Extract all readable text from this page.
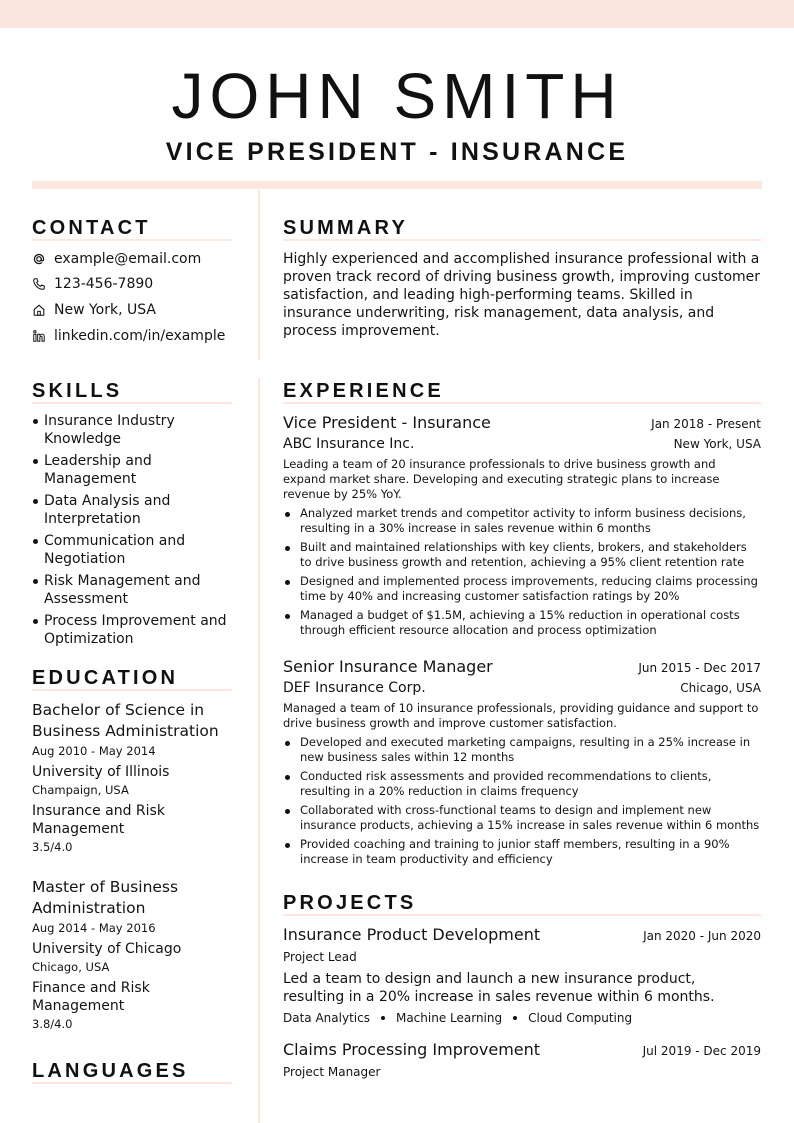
JOHN SMITH
VICE PRESIDENT - INSURANCE
CONTACT
example@email.com
123-456-7890
New York, USA
linkedin.com/in/example
SKILLS
Insurance Industry Knowledge
Leadership and Management
Data Analysis and Interpretation
Communication and Negotiation
Risk Management and Assessment
Process Improvement and Optimization
EDUCATION
Bachelor of Science in Business Administration
Aug 2010 - May 2014
University of Illinois
Champaign, USA
Insurance and Risk Management
3.5/4.0
Master of Business Administration
Aug 2014 - May 2016
University of Chicago
Chicago, USA
Finance and Risk Management
3.8/4.0
LANGUAGES
SUMMARY
Highly experienced and accomplished insurance professional with a proven track record of driving business growth, improving customer satisfaction, and leading high-performing teams. Skilled in insurance underwriting, risk management, data analysis, and process improvement.
EXPERIENCE
Vice President - Insurance	Jan 2018 - Present
ABC Insurance Inc.	New York, USA
Leading a team of 20 insurance professionals to drive business growth and expand market share. Developing and executing strategic plans to increase revenue by 25% YoY.
Analyzed market trends and competitor activity to inform business decisions, resulting in a 30% increase in sales revenue within 6 months
Built and maintained relationships with key clients, brokers, and stakeholders to drive business growth and retention, achieving a 95% client retention rate
Designed and implemented process improvements, reducing claims processing time by 40% and increasing customer satisfaction ratings by 20%
Managed a budget of $1.5M, achieving a 15% reduction in operational costs through efficient resource allocation and process optimization
Senior Insurance Manager	Jun 2015 - Dec 2017
DEF Insurance Corp.	Chicago, USA
Managed a team of 10 insurance professionals, providing guidance and support to drive business growth and improve customer satisfaction.
Developed and executed marketing campaigns, resulting in a 25% increase in new business sales within 12 months
Conducted risk assessments and provided recommendations to clients, resulting in a 20% reduction in claims frequency
Collaborated with cross-functional teams to design and implement new insurance products, achieving a 15% increase in sales revenue within 6 months
Provided coaching and training to junior staff members, resulting in a 90% increase in team productivity and efficiency
PROJECTS
Insurance Product Development	Jan 2020 - Jun 2020
Project Lead
Led a team to design and launch a new insurance product, resulting in a 20% increase in sales revenue within 6 months.
Data Analytics Machine Learning Cloud Computing
Claims Processing Improvement	Jul 2019 - Dec 2019
Project Manager
